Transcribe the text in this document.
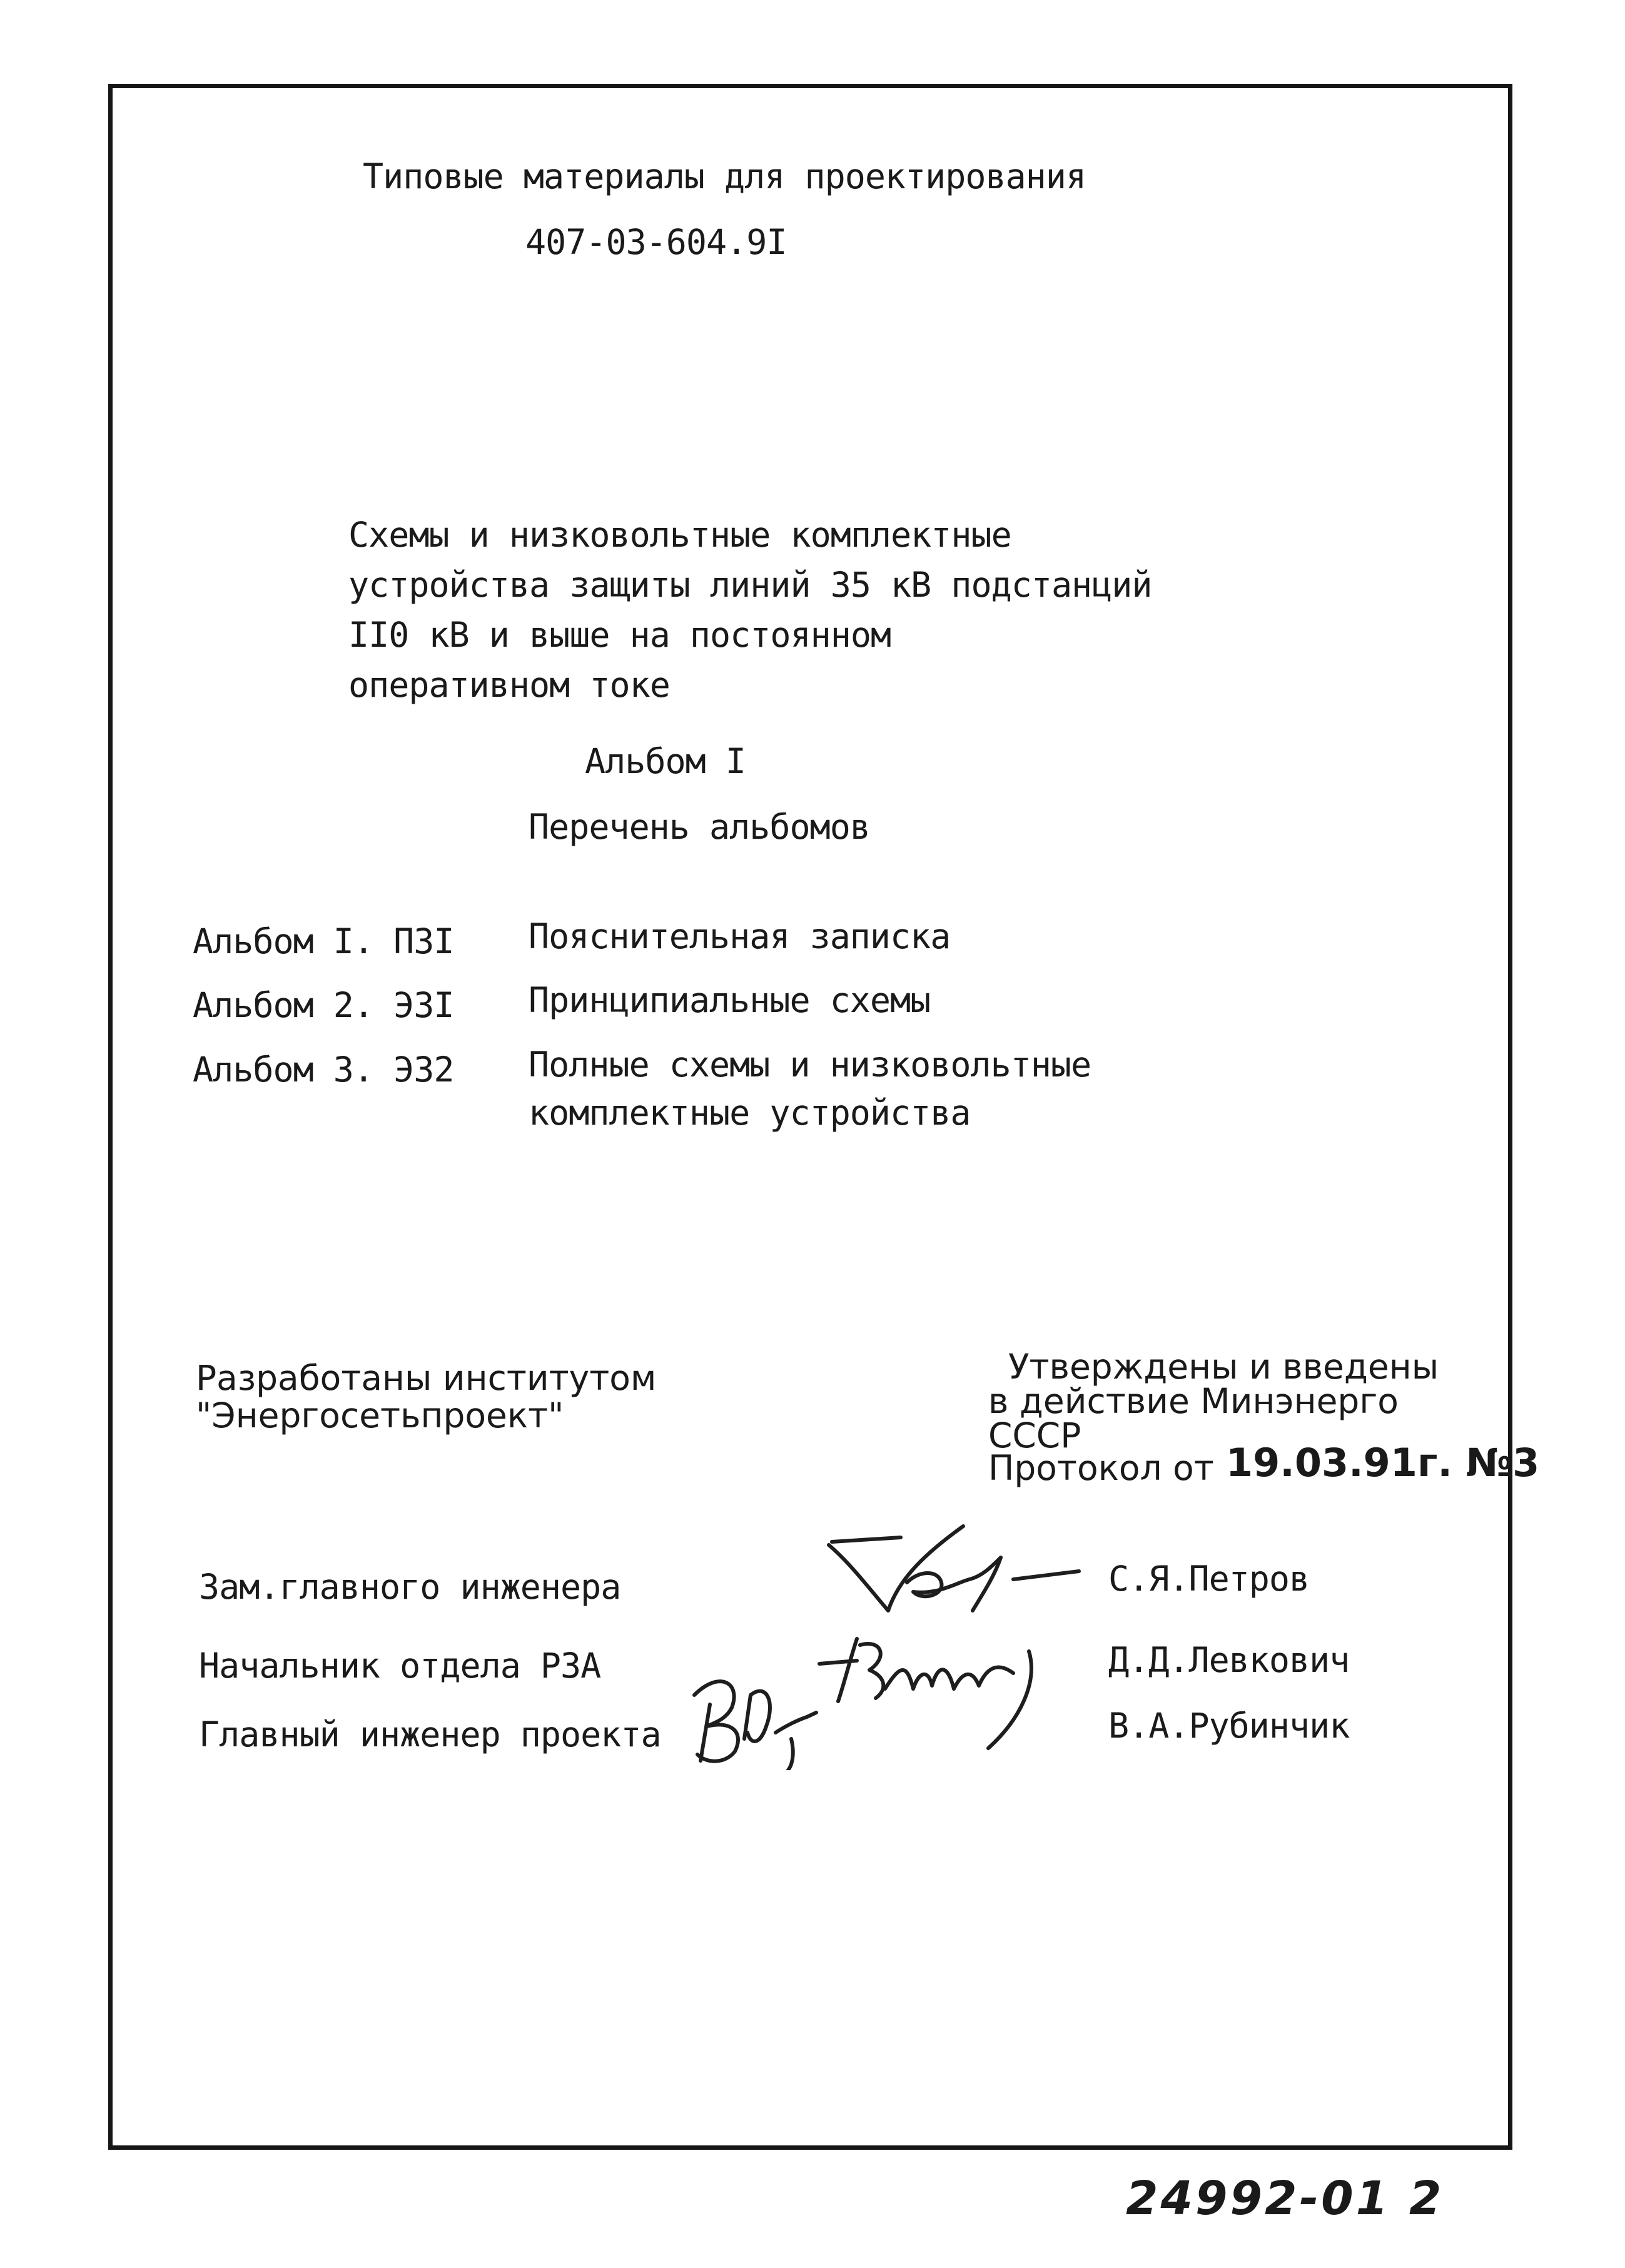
Типовые материалы для проектирования
407-03-604.9I
Схемы и низковольтные комплектные
устройства защиты линий 35 кВ подстанций
II0 кВ и выше на постоянном
оперативном токе
Альбом I
Перечень альбомов
Альбом I. ПЗI Пояснительная записка
Альбом 2. ЭЗI Принципиальные схемы
Альбом 3. ЭЗ2 Полные схемы и низковольтные
комплектные устройства
Разработаны институтом
"Энергосетьпроект"
Утверждены и введены
в действие Минэнерго
СССР
Протокол от 19.03.91г. №3
Зам.главного инженера	С.Я.Петров
Начальник отдела РЗА	Д.Д.Левкович
Главный инженер проекта	В.А.Рубинчик
24992-01 2
